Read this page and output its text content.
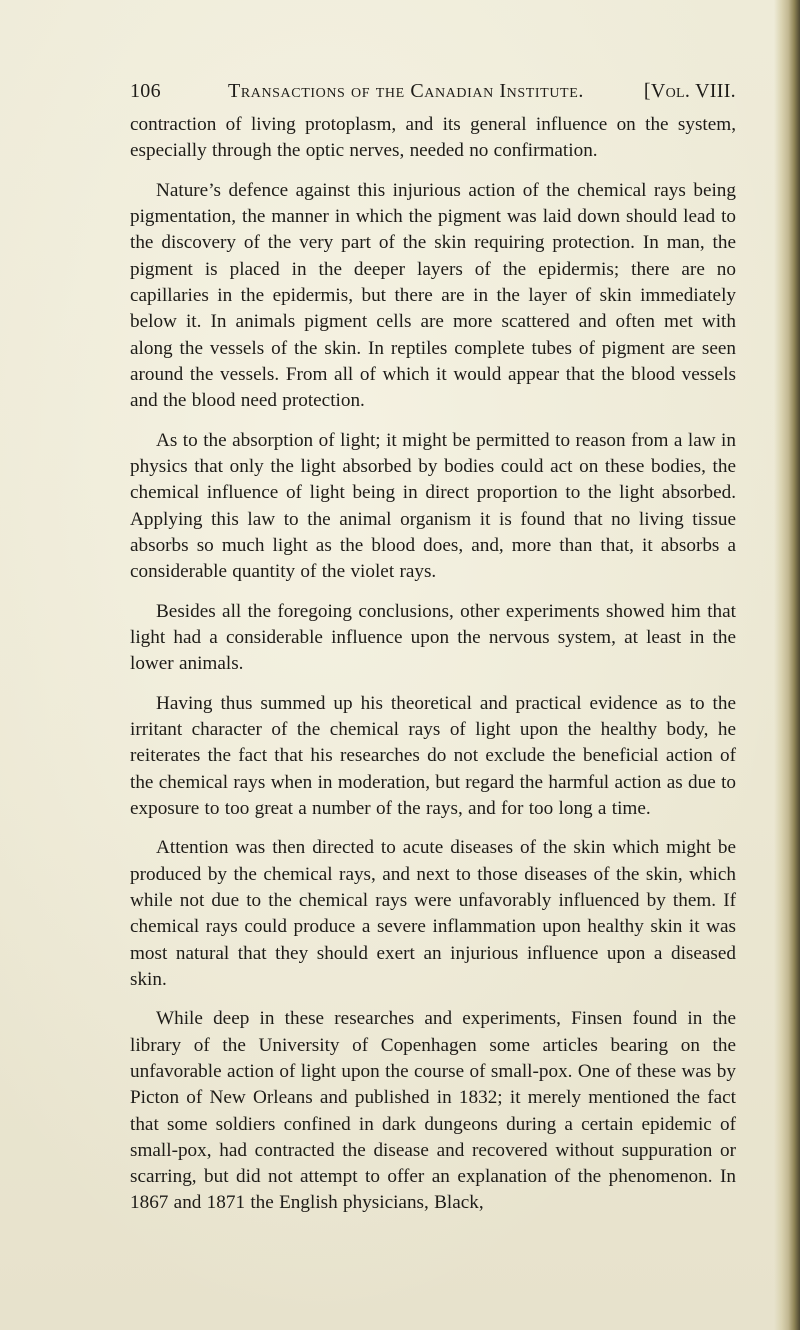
106	Transactions of the Canadian Institute.	[Vol. VIII.

contraction of living protoplasm, and its general influence on the system, especially through the optic nerves, needed no confirmation.

Nature’s defence against this injurious action of the chemical rays being pigmentation, the manner in which the pigment was laid down should lead to the discovery of the very part of the skin requiring protection. In man, the pigment is placed in the deeper layers of the epidermis; there are no capillaries in the epidermis, but there are in the layer of skin immediately below it. In animals pigment cells are more scattered and often met with along the vessels of the skin. In reptiles complete tubes of pigment are seen around the vessels. From all of which it would appear that the blood vessels and the blood need protection.

As to the absorption of light; it might be permitted to reason from a law in physics that only the light absorbed by bodies could act on these bodies, the chemical influence of light being in direct proportion to the light absorbed. Applying this law to the animal organism it is found that no living tissue absorbs so much light as the blood does, and, more than that, it absorbs a considerable quantity of the violet rays.

Besides all the foregoing conclusions, other experiments showed him that light had a considerable influence upon the nervous system, at least in the lower animals.

Having thus summed up his theoretical and practical evidence as to the irritant character of the chemical rays of light upon the healthy body, he reiterates the fact that his researches do not exclude the beneficial action of the chemical rays when in moderation, but regard the harmful action as due to exposure to too great a number of the rays, and for too long a time.

Attention was then directed to acute diseases of the skin which might be produced by the chemical rays, and next to those diseases of the skin, which while not due to the chemical rays were unfavorably influenced by them. If chemical rays could produce a severe inflammation upon healthy skin it was most natural that they should exert an injurious influence upon a diseased skin.

While deep in these researches and experiments, Finsen found in the library of the University of Copenhagen some articles bearing on the unfavorable action of light upon the course of small-pox. One of these was by Picton of New Orleans and published in 1832; it merely mentioned the fact that some soldiers confined in dark dungeons during a certain epidemic of small-pox, had contracted the disease and recovered without suppuration or scarring, but did not attempt to offer an explanation of the phenomenon. In 1867 and 1871 the English physicians, Black,
